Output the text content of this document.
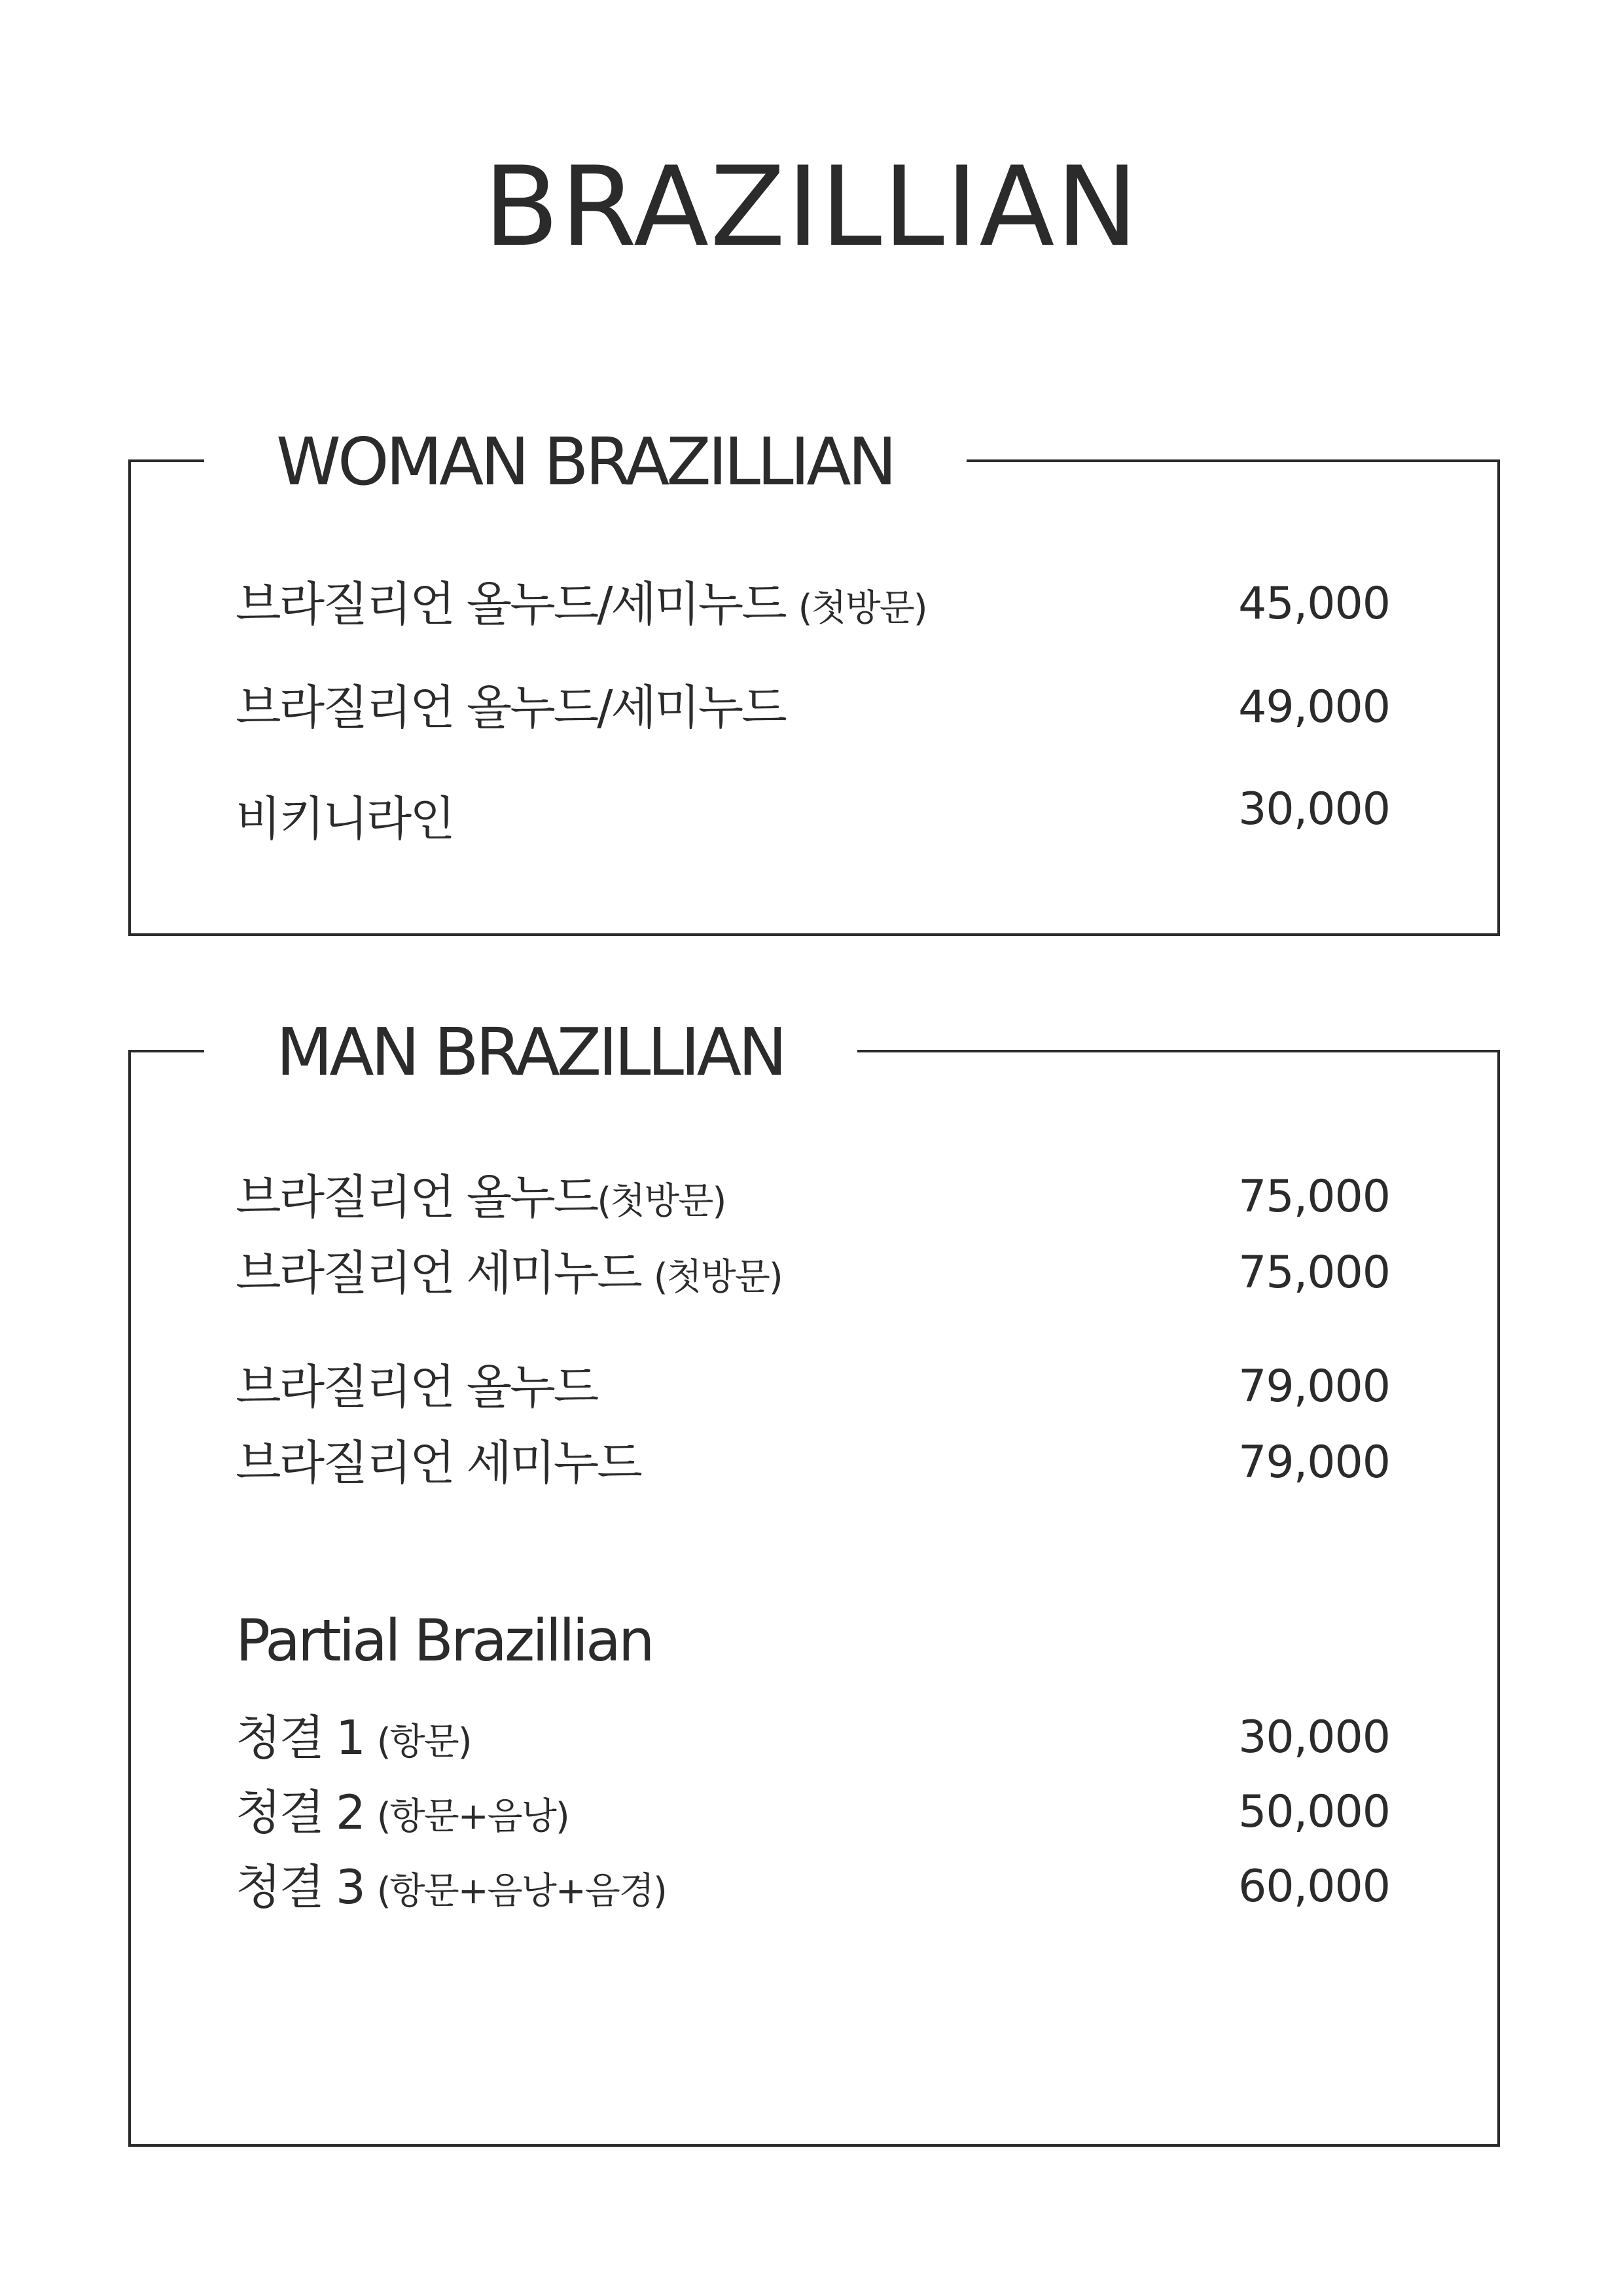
BRAZILLIAN
WOMAN BRAZILLIAN
브라질리언 올누드/세미누드 (첫방문)	45,000
브라질리언 올누드/세미누드	49,000
비키니라인	30,000
MAN BRAZILLIAN
브라질리언 올누드(첫방문)	75,000
브라질리언 세미누드 (첫방문)	75,000
브라질리언 올누드	79,000
브라질리언 세미누드	79,000
Partial Brazillian
청결 1 (항문)	30,000
청결 2 (항문+음낭)	50,000
청결 3 (항문+음낭+음경)	60,000
